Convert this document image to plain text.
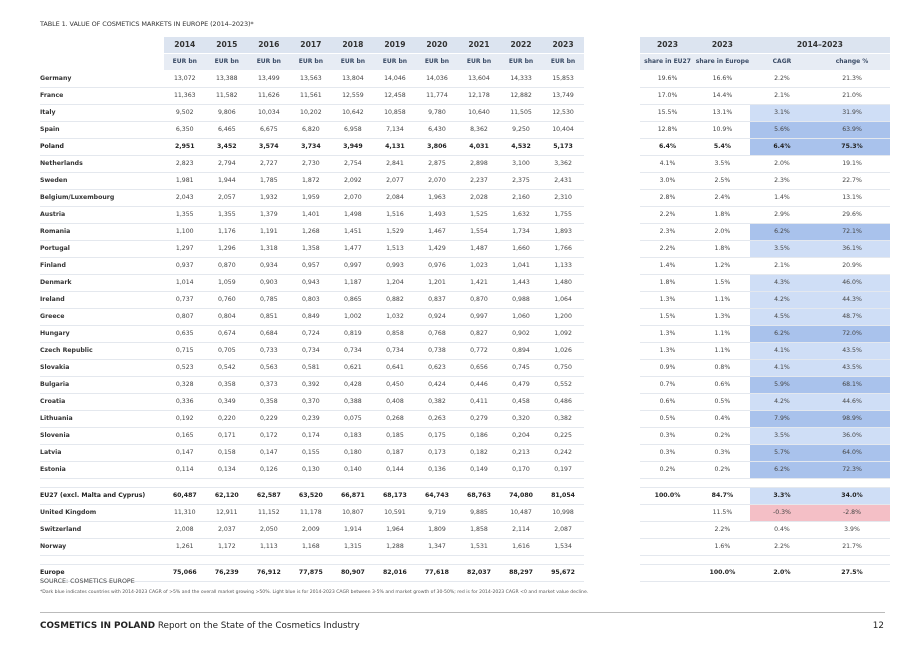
TABLE 1. VALUE OF COSMETICS MARKETS IN EUROPE (2014–2023)*
	2014	2015	2016	2017	2018	2019	2020	2021	2022	2023		2023	2023	2014–2023	
	EUR bn	EUR bn	EUR bn	EUR bn	EUR bn	EUR bn	EUR bn	EUR bn	EUR bn	EUR bn		share in EU27	share in Europe	CAGR	change %
Germany	13,072	13,388	13,499	13,563	13,804	14,046	14,036	13,604	14,333	15,853		19.6%	16.6%	2.2%	21.3%
France	11,363	11,582	11,626	11,561	12,559	12,458	11,774	12,178	12,882	13,749		17.0%	14.4%	2.1%	21.0%
Italy	9,502	9,806	10,034	10,202	10,642	10,858	9,780	10,640	11,505	12,530		15.5%	13.1%	3.1%	31.9%
Spain	6,350	6,465	6,675	6,820	6,958	7,134	6,430	8,362	9,250	10,404		12.8%	10.9%	5.6%	63.9%
Poland	2,951	3,452	3,574	3,734	3,949	4,131	3,806	4,031	4,532	5,173		6.4%	5.4%	6.4%	75.3%
Netherlands	2,823	2,794	2,727	2,730	2,754	2,841	2,875	2,898	3,100	3,362		4.1%	3.5%	2.0%	19.1%
Sweden	1,981	1,944	1,785	1,872	2,092	2,077	2,070	2,237	2,375	2,431		3.0%	2.5%	2.3%	22.7%
Belgium/Luxembourg	2,043	2,057	1,932	1,959	2,070	2,084	1,963	2,028	2,160	2,310		2.8%	2.4%	1.4%	13.1%
Austria	1,355	1,355	1,379	1,401	1,498	1,516	1,493	1,525	1,632	1,755		2.2%	1.8%	2.9%	29.6%
Romania	1,100	1,176	1,191	1,268	1,451	1,529	1,467	1,554	1,734	1,893		2.3%	2.0%	6.2%	72.1%
Portugal	1,297	1,296	1,318	1,358	1,477	1,513	1,429	1,487	1,660	1,766		2.2%	1.8%	3.5%	36.1%
Finland	0,937	0,870	0,934	0,957	0,997	0,993	0,976	1,023	1,041	1,133		1.4%	1.2%	2.1%	20.9%
Denmark	1,014	1,059	0,903	0,943	1,187	1,204	1,201	1,421	1,443	1,480		1.8%	1.5%	4.3%	46.0%
Ireland	0,737	0,760	0,785	0,803	0,865	0,882	0,837	0,870	0,988	1,064		1.3%	1.1%	4.2%	44.3%
Greece	0,807	0,804	0,851	0,849	1,002	1,032	0,924	0,997	1,060	1,200		1.5%	1.3%	4.5%	48.7%
Hungary	0,635	0,674	0,684	0,724	0,819	0,858	0,768	0,827	0,902	1,092		1.3%	1.1%	6.2%	72.0%
Czech Republic	0,715	0,705	0,733	0,734	0,734	0,734	0,738	0,772	0,894	1,026		1.3%	1.1%	4.1%	43.5%
Slovakia	0,523	0,542	0,563	0,581	0,621	0,641	0,623	0,656	0,745	0,750		0.9%	0.8%	4.1%	43.5%
Bulgaria	0,328	0,358	0,373	0,392	0,428	0,450	0,424	0,446	0,479	0,552		0.7%	0.6%	5.9%	68.1%
Croatia	0,336	0,349	0,358	0,370	0,388	0,408	0,382	0,411	0,458	0,486		0.6%	0.5%	4.2%	44.6%
Lithuania	0,192	0,220	0,229	0,239	0,075	0,268	0,263	0,279	0,320	0,382		0.5%	0.4%	7.9%	98.9%
Slovenia	0,165	0,171	0,172	0,174	0,183	0,185	0,175	0,186	0,204	0,225		0.3%	0.2%	3.5%	36.0%
Latvia	0,147	0,158	0,147	0,155	0,180	0,187	0,173	0,182	0,213	0,242		0.3%	0.3%	5.7%	64.0%
Estonia	0,114	0,134	0,126	0,130	0,140	0,144	0,136	0,149	0,170	0,197		0.2%	0.2%	6.2%	72.3%

EU27 (excl. Malta and Cyprus)	60,487	62,120	62,587	63,520	66,871	68,173	64,743	68,763	74,080	81,054		100.0%	84.7%	3.3%	34.0%
United Kingdom	11,310	12,911	11,152	11,178	10,807	10,591	9,719	9,885	10,487	10,998			11.5%	-0.3%	-2.8%
Switzerland	2,008	2,037	2,050	2,009	1,914	1,964	1,809	1,858	2,114	2,087			2.2%	0.4%	3.9%
Norway	1,261	1,172	1,113	1,168	1,315	1,288	1,347	1,531	1,616	1,534			1.6%	2.2%	21.7%

Europe	75,066	76,239	76,912	77,875	80,907	82,016	77,618	82,037	88,297	95,672			100.0%	2.0%	27.5%
SOURCE: COSMETICS EUROPE
*Dark blue indicates countries with 2014-2023 CAGR of >5% and the overall market growing >50%. Light blue is for 2014-2023 CAGR between 3-5% and market growth of 30-50%; red is for 2014-2023 CAGR <0 and market value decline.
COSMETICS IN POLAND Report on the State of the Cosmetics Industry	12
